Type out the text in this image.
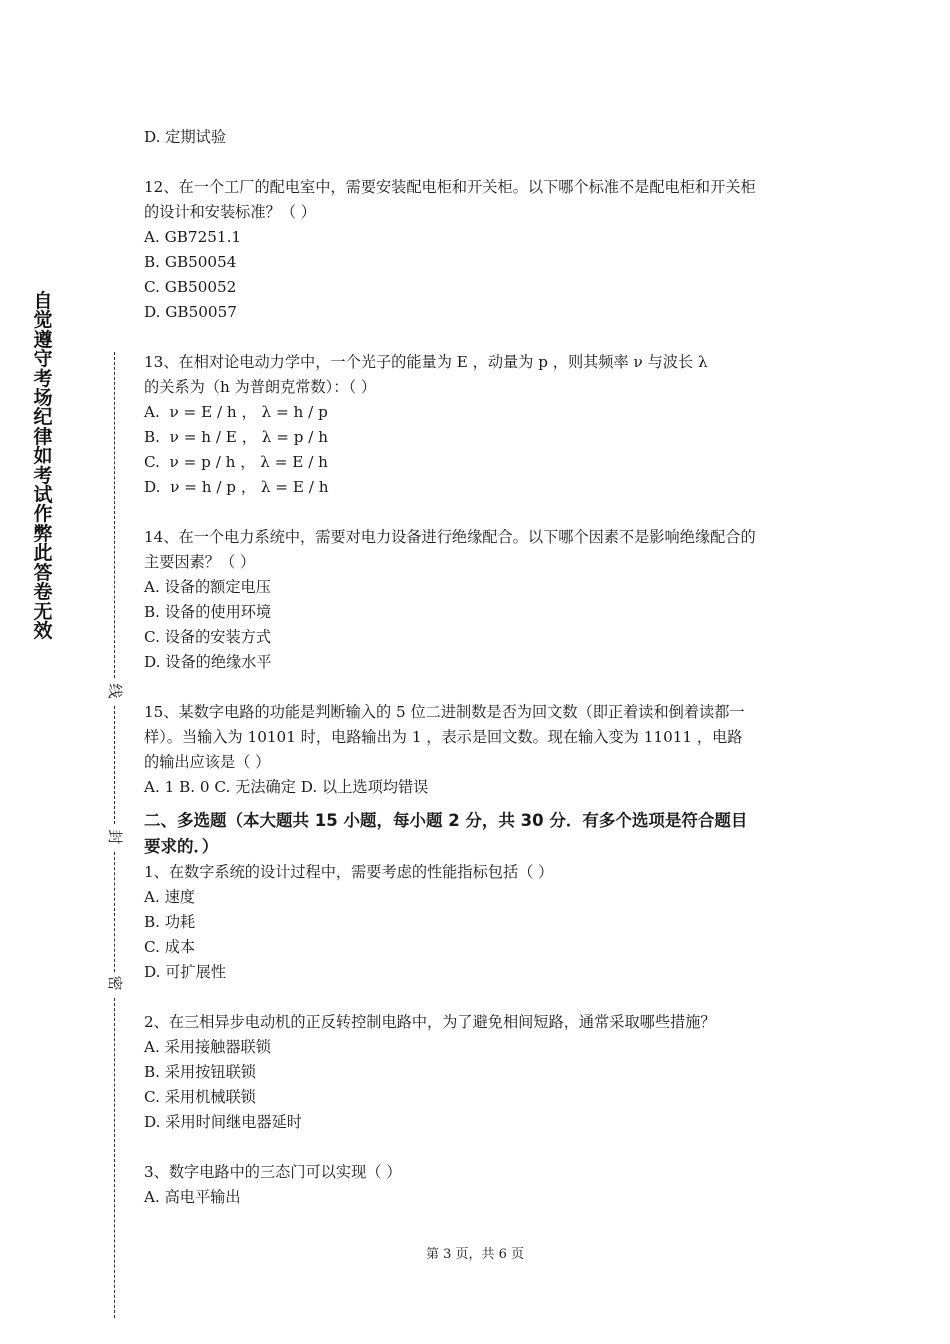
自
觉
遵
守
考
场
纪
律
如
考
试
作
弊
此
答
卷
无
效
线
封
密
D. 定期试验
12、在一个工厂的配电室中，需要安装配电柜和开关柜。以下哪个标准不是配电柜和开关柜
的设计和安装标准？（ ）
A. GB7251.1
B. GB50054
C. GB50052
D. GB50057
13、在相对论电动力学中，一个光子的能量为 E ，动量为 p ，则其频率 ν 与波长 λ
的关系为（h 为普朗克常数）：（ ）
A.  ν = E / h ， λ = h / p
B.  ν = h / E ， λ = p / h
C.  ν = p / h ， λ = E / h
D.  ν = h / p ， λ = E / h
14、在一个电力系统中，需要对电力设备进行绝缘配合。以下哪个因素不是影响绝缘配合的
主要因素？（ ）
A. 设备的额定电压
B. 设备的使用环境
C. 设备的安装方式
D. 设备的绝缘水平
15、某数字电路的功能是判断输入的 5 位二进制数是否为回文数（即正着读和倒着读都一
样）。当输入为 10101 时，电路输出为 1 ，表示是回文数。现在输入变为 11011 ，电路
的输出应该是（ ）
A. 1 B. 0 C. 无法确定 D. 以上选项均错误
二、多选题（本大题共 15 小题，每小题 2 分，共 30 分．有多个选项是符合题目
要求的．）
1、在数字系统的设计过程中，需要考虑的性能指标包括（ ）
A. 速度
B. 功耗
C. 成本
D. 可扩展性
2、在三相异步电动机的正反转控制电路中，为了避免相间短路，通常采取哪些措施？
A. 采用接触器联锁
B. 采用按钮联锁
C. 采用机械联锁
D. 采用时间继电器延时
3、数字电路中的三态门可以实现（ ）
A. 高电平输出
第 3 页，共 6 页
